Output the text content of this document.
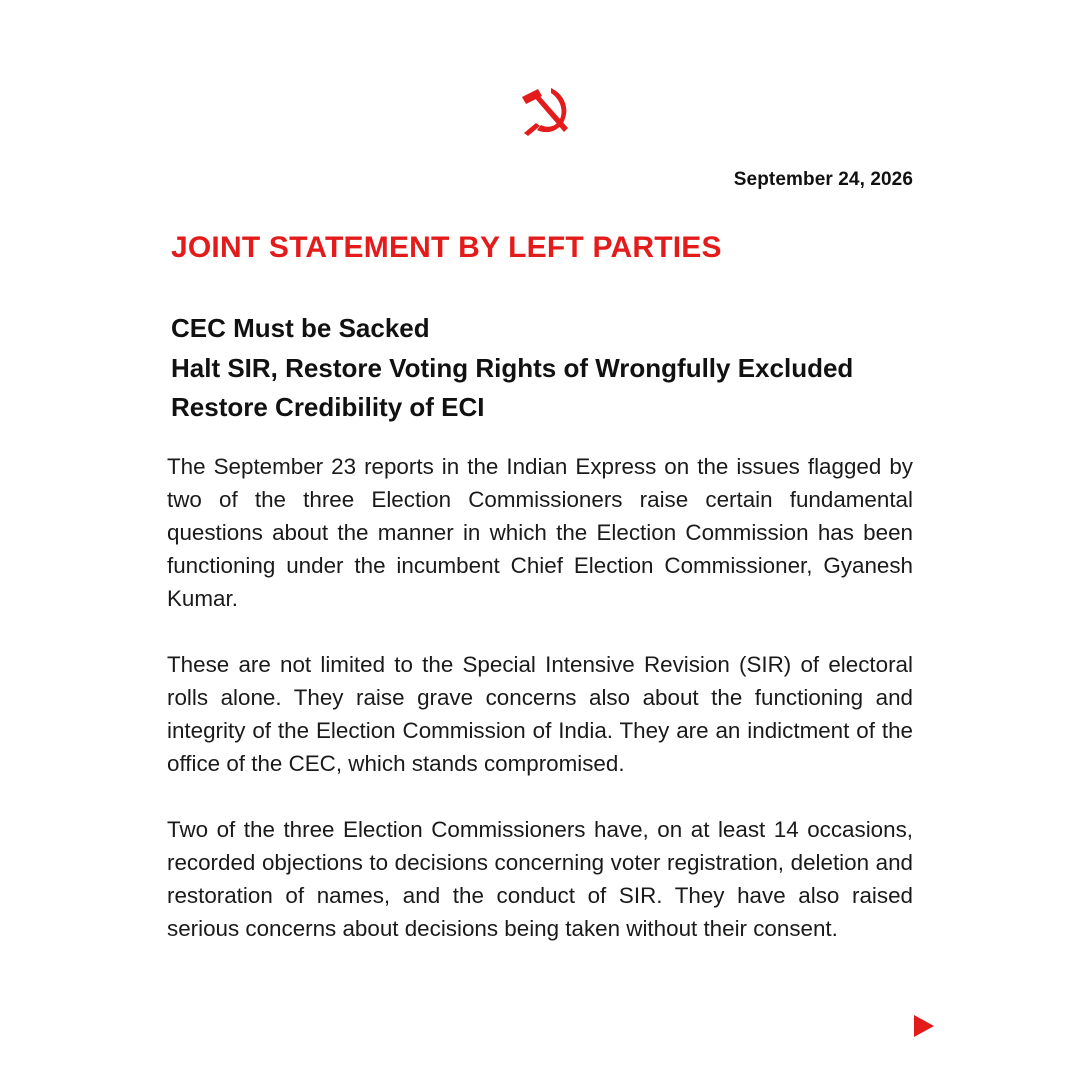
September 24, 2026
JOINT STATEMENT BY LEFT PARTIES
CEC Must be Sacked
Halt SIR, Restore Voting Rights of Wrongfully Excluded
Restore Credibility of ECI

The September 23 reports in the Indian Express on the issues flagged by two of the three Election Commissioners raise certain fundamental questions about the manner in which the Election Commission has been functioning under the incumbent Chief Election Commissioner, Gyanesh Kumar.

These are not limited to the Special Intensive Revision (SIR) of electoral rolls alone. They raise grave concerns also about the functioning and integrity of the Election Commission of India. They are an indictment of the office of the CEC, which stands compromised.

Two of the three Election Commissioners have, on at least 14 occasions, recorded objections to decisions concerning voter registration, deletion and restoration of names, and the conduct of SIR. They have also raised serious concerns about decisions being taken without their consent.
